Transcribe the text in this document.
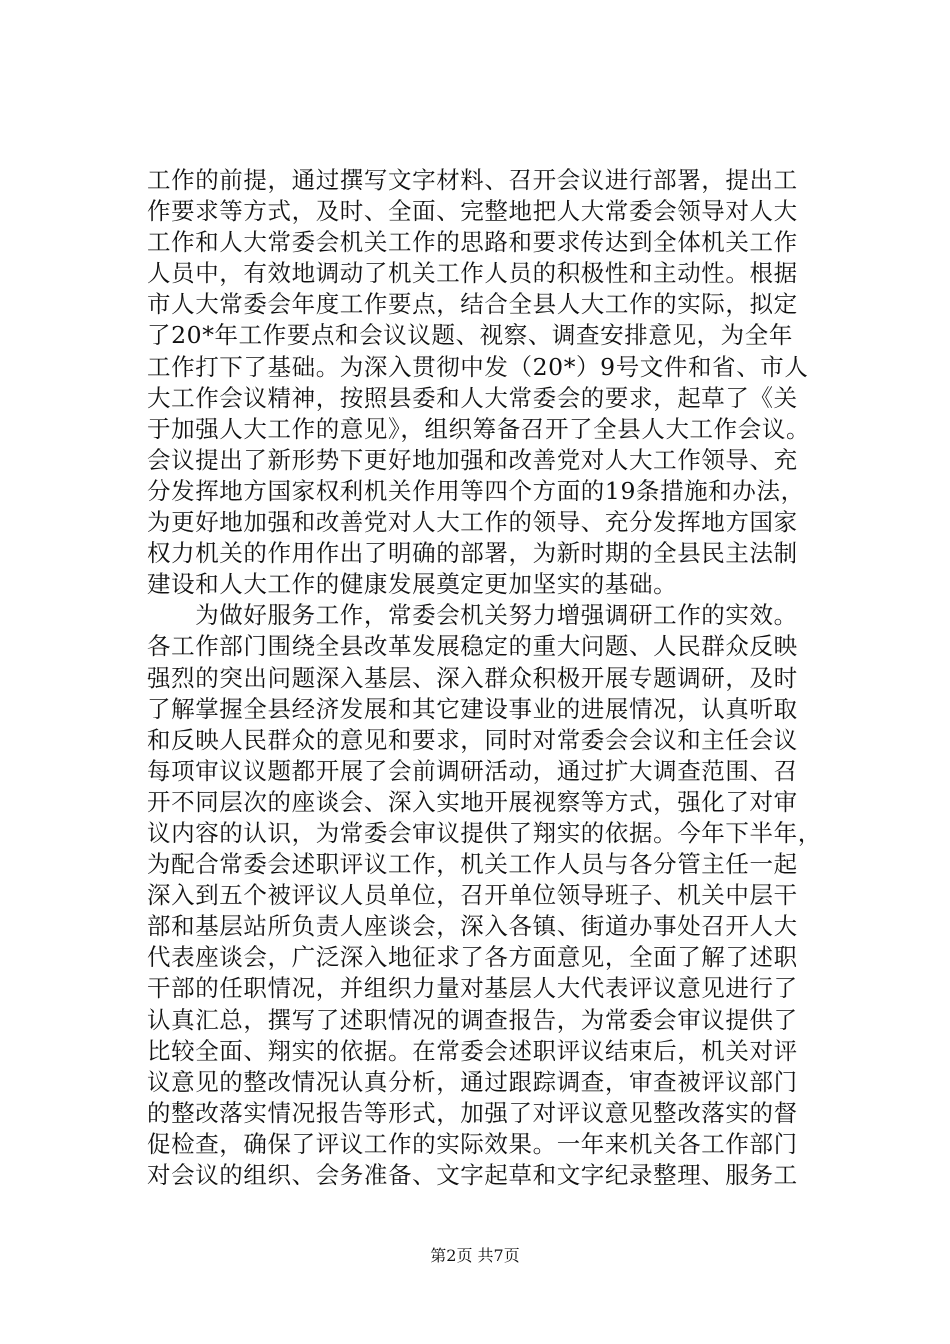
工作的前提，通过撰写文字材料、召开会议进行部署，提出工
作要求等方式，及时、全面、完整地把人大常委会领导对人大
工作和人大常委会机关工作的思路和要求传达到全体机关工作
人员中，有效地调动了机关工作人员的积极性和主动性。根据
市人大常委会年度工作要点，结合全县人大工作的实际，拟定
了20*年工作要点和会议议题、视察、调查安排意见，为全年
工作打下了基础。为深入贯彻中发（20*）9号文件和省、市人
大工作会议精神，按照县委和人大常委会的要求，起草了《关
于加强人大工作的意见》，组织筹备召开了全县人大工作会议。
会议提出了新形势下更好地加强和改善党对人大工作领导、充
分发挥地方国家权利机关作用等四个方面的19条措施和办法，
为更好地加强和改善党对人大工作的领导、充分发挥地方国家
权力机关的作用作出了明确的部署，为新时期的全县民主法制
建设和人大工作的健康发展奠定更加坚实的基础。
　　为做好服务工作，常委会机关努力增强调研工作的实效。
各工作部门围绕全县改革发展稳定的重大问题、人民群众反映
强烈的突出问题深入基层、深入群众积极开展专题调研，及时
了解掌握全县经济发展和其它建设事业的进展情况，认真听取
和反映人民群众的意见和要求，同时对常委会会议和主任会议
每项审议议题都开展了会前调研活动，通过扩大调查范围、召
开不同层次的座谈会、深入实地开展视察等方式，强化了对审
议内容的认识，为常委会审议提供了翔实的依据。今年下半年，
为配合常委会述职评议工作，机关工作人员与各分管主任一起
深入到五个被评议人员单位，召开单位领导班子、机关中层干
部和基层站所负责人座谈会，深入各镇、街道办事处召开人大
代表座谈会，广泛深入地征求了各方面意见，全面了解了述职
干部的任职情况，并组织力量对基层人大代表评议意见进行了
认真汇总，撰写了述职情况的调查报告，为常委会审议提供了
比较全面、翔实的依据。在常委会述职评议结束后，机关对评
议意见的整改情况认真分析，通过跟踪调查，审查被评议部门
的整改落实情况报告等形式，加强了对评议意见整改落实的督
促检查，确保了评议工作的实际效果。一年来机关各工作部门
对会议的组织、会务准备、文字起草和文字纪录整理、服务工
第2页 共7页
